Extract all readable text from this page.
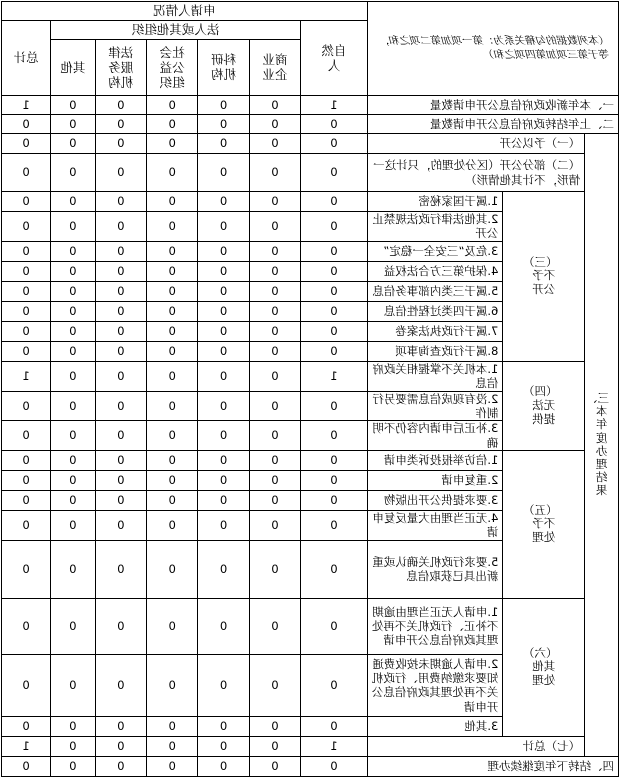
（本列数据的勾稽关系为：第一项加第二项之和，等于第三项加第四项之和）			申请人情况						
			自然人	法人或其他组织					总计
				商业企业	科研机构	社会公益组织	法律服务机构	其他	
一、本年新收政府信息公开申请数量			1	0	0	0	0	0	1
二、上年结转政府信息公开申请数量			0	0	0	0	0	0	0
三、本年度办理结果	（一）予以公开		0	0	0	0	0	0	0
	（二）部分公开（区分处理的，只计这一情形，不计其他情形）		0	0	0	0	0	0	0
	（三）不予公开	1.属于国家秘密	0	0	0	0	0	0	0
		2.其他法律行政法规禁止公开	0	0	0	0	0	0	0
		3.危及“三安全一稳定”	0	0	0	0	0	0	0
		4.保护第三方合法权益	0	0	0	0	0	0	0
		5.属于三类内部事务信息	0	0	0	0	0	0	0
		6.属于四类过程性信息	0	0	0	0	0	0	0
		7.属于行政执法案卷	0	0	0	0	0	0	0
		8.属于行政查询事项	0	0	0	0	0	0	0
	（四）无法提供	1.本机关不掌握相关政府信息	1	0	0	0	0	0	1
		2.没有现成信息需要另行制作	0	0	0	0	0	0	0
		3.补正后申请内容仍不明确	0	0	0	0	0	0	0
	（五）不予处理	1.信访举报投诉类申请	0	0	0	0	0	0	0
		2.重复申请	0	0	0	0	0	0	0
		3.要求提供公开出版物	0	0	0	0	0	0	0
		4.无正当理由大量反复申请	0	0	0	0	0	0	0
		5.要求行政机关确认或重新出具已获取信息	0	0	0	0	0	0	0
	（六）其他处理	1.申请人无正当理由逾期不补正、行政机关不再处理其政府信息公开申请	0	0	0	0	0	0	0
		2.申请人逾期未按收费通知要求缴纳费用、行政机关不再处理其政府信息公开申请	0	0	0	0	0	0	0
		3.其他	0	0	0	0	0	0	0
	（七）总计		1	0	0	0	0	0	1
四、结转下年度继续办理			0	0	0	0	0	0	0
